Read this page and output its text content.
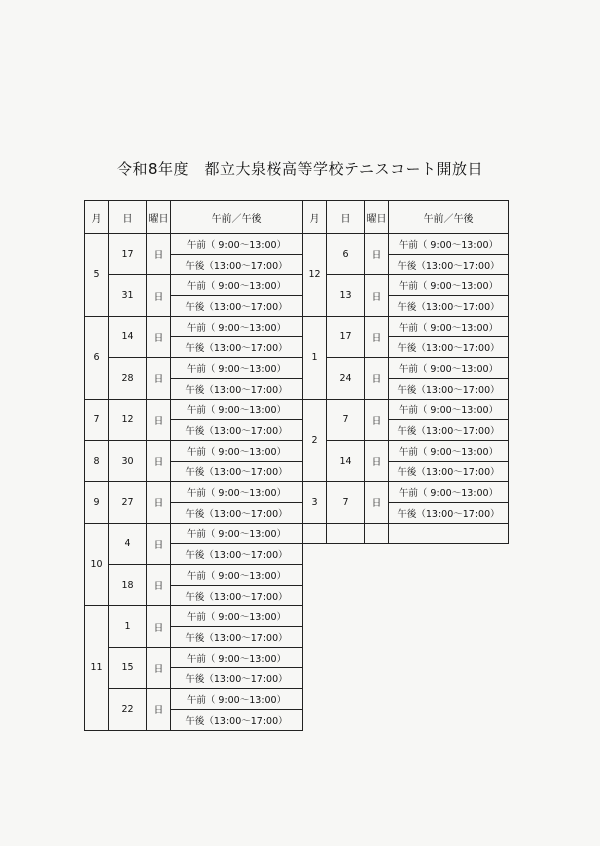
令和8年度　都立大泉桜高等学校テニスコート開放日
月	日	曜日	午前／午後
5	17	日	午前（ 9:00～13:00）
			午後（13:00～17:00）
	31	日	午前（ 9:00～13:00）
			午後（13:00～17:00）
6	14	日	午前（ 9:00～13:00）
			午後（13:00～17:00）
	28	日	午前（ 9:00～13:00）
			午後（13:00～17:00）
7	12	日	午前（ 9:00～13:00）
			午後（13:00～17:00）
8	30	日	午前（ 9:00～13:00）
			午後（13:00～17:00）
9	27	日	午前（ 9:00～13:00）
			午後（13:00～17:00）
10	4	日	午前（ 9:00～13:00）
			午後（13:00～17:00）
	18	日	午前（ 9:00～13:00）
			午後（13:00～17:00）
11	1	日	午前（ 9:00～13:00）
			午後（13:00～17:00）
	15	日	午前（ 9:00～13:00）
			午後（13:00～17:00）
	22	日	午前（ 9:00～13:00）
			午後（13:00～17:00）
月	日	曜日	午前／午後
12	6	日	午前（ 9:00～13:00）
			午後（13:00～17:00）
	13	日	午前（ 9:00～13:00）
			午後（13:00～17:00）
1	17	日	午前（ 9:00～13:00）
			午後（13:00～17:00）
	24	日	午前（ 9:00～13:00）
			午後（13:00～17:00）
2	7	日	午前（ 9:00～13:00）
			午後（13:00～17:00）
	14	日	午前（ 9:00～13:00）
			午後（13:00～17:00）
3	7	日	午前（ 9:00～13:00）
			午後（13:00～17:00）
